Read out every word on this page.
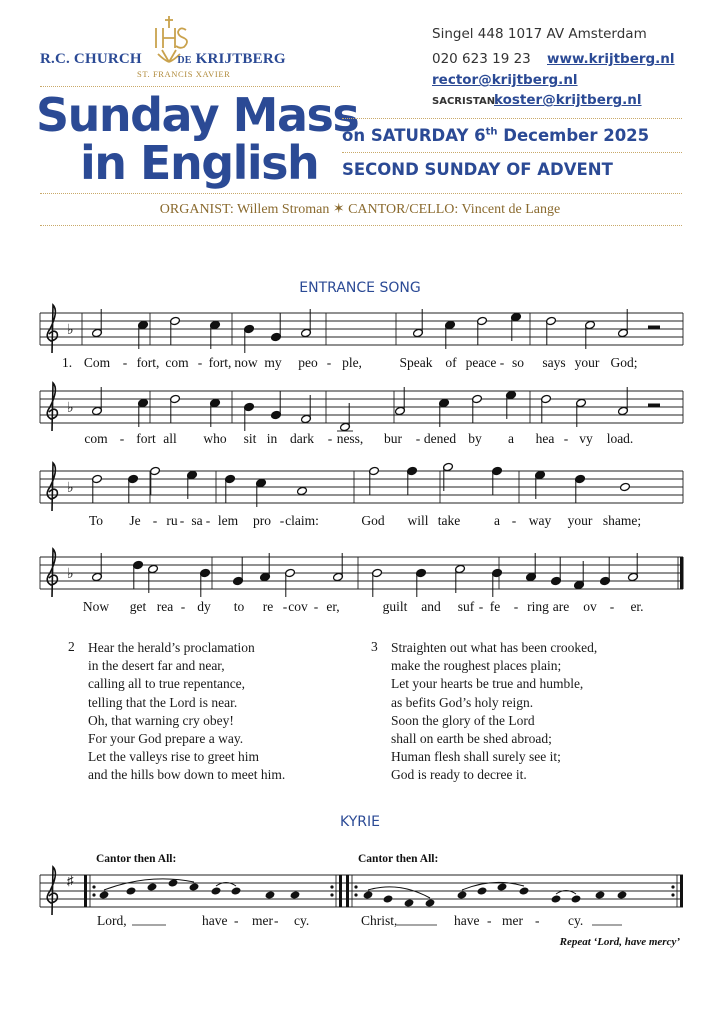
R.C. CHURCH	DE KRIJTBERG
ST. FRANCIS XAVIER
Sunday Mass
in English
Singel 448 1017 AV Amsterdam
020 623 19 23 www.krijtberg.nl
rector@krijtberg.nl
SACRISTAN:
koster@krijtberg.nl
on SATURDAY 6th December 2025
SECOND SUNDAY OF ADVENT
ORGANIST: Willem Stroman ✶ CANTOR/CELLO: Vincent de Lange
ENTRANCE SONG
♭
1. Com - fort, com - fort, now my peo - ple,	Speak of peace - so says your God;
♭
com - fort all who sit in dark - ness, bur - dened by a hea - vy load.
♭
To Je - ru - sa - lem pro - claim:	God will take	a - way your shame;
♭
Now get rea - dy to re - cov - er,	guilt and suf - fe - ring are ov - er.
2 Hear the herald’s proclamation
in the desert far and near,
calling all to true repentance,
telling that the Lord is near.
Oh, that warning cry obey!
For your God prepare a way.
Let the valleys rise to greet him
and the hills bow down to meet him.
3 Straighten out what has been crooked,
make the roughest places plain;
Let your hearts be true and humble,
as befits God’s holy reign.
Soon the glory of the Lord
shall on earth be shed abroad;
Human flesh shall surely see it;
God is ready to decree it.
KYRIE
♯
Cantor then All:	Cantor then All:
Lord,	have - mer - cy.	Christ,	have - mer - cy.
Repeat ‘Lord, have mercy’
